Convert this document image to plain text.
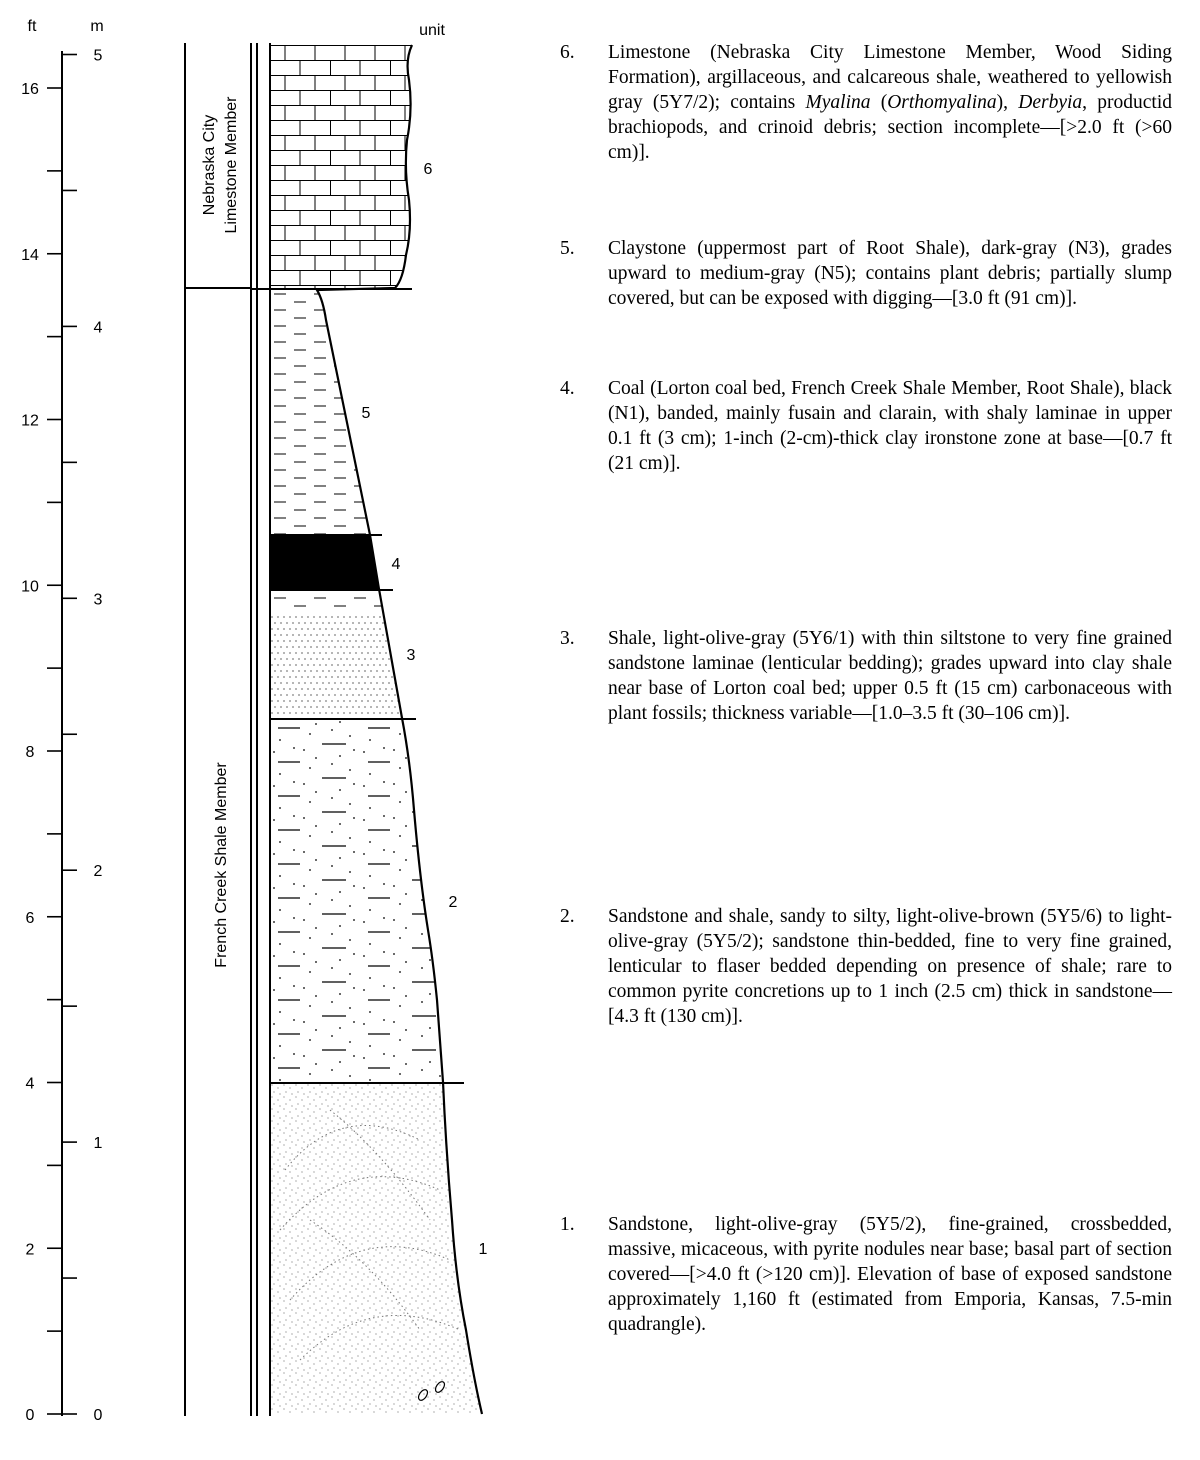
ft	m
0
2
4
6
8
10
12
14
16
0
1
2
3
4
5
Nebraska City Limestone Member
French Creek Shale Member
unit
6
5
4
3
2
1
6.	Limestone (Nebraska City Limestone Member, Wood Siding Formation), argillaceous, and calcareous shale, weathered to yellowish gray (5Y7/2); contains Myalina (Orthomyalina), Derbyia, productid brachiopods, and crinoid debris; section incomplete—[>2.0 ft (>60 cm)].
5.	Claystone (uppermost part of Root Shale), dark-gray (N3), grades upward to medium-gray (N5); contains plant debris; partially slump covered, but can be exposed with digging—[3.0 ft (91 cm)].
4.	Coal (Lorton coal bed, French Creek Shale Member, Root Shale), black (N1), banded, mainly fusain and clarain, with shaly laminae in upper 0.1 ft (3 cm); 1-inch (2-cm)-thick clay ironstone zone at base—[0.7 ft (21 cm)].
3.	Shale, light-olive-gray (5Y6/1) with thin siltstone to very fine grained sandstone laminae (lenticular bedding); grades upward into clay shale near base of Lorton coal bed; upper 0.5 ft (15 cm) carbonaceous with plant fossils; thickness variable—[1.0–3.5 ft (30–106 cm)].
2.	Sandstone and shale, sandy to silty, light-olive-brown (5Y5/6) to light-olive-gray (5Y5/2); sandstone thin-bedded, fine to very fine grained, lenticular to flaser bedded depending on presence of shale; rare to common pyrite concretions up to 1 inch (2.5 cm) thick in sandstone—[4.3 ft (130 cm)].
1.	Sandstone, light-olive-gray (5Y5/2), fine-grained, crossbedded, massive, micaceous, with pyrite nodules near base; basal part of section covered—[>4.0 ft (>120 cm)]. Elevation of base of exposed sandstone approximately 1,160 ft (estimated from Emporia, Kansas, 7.5-min quadrangle).
